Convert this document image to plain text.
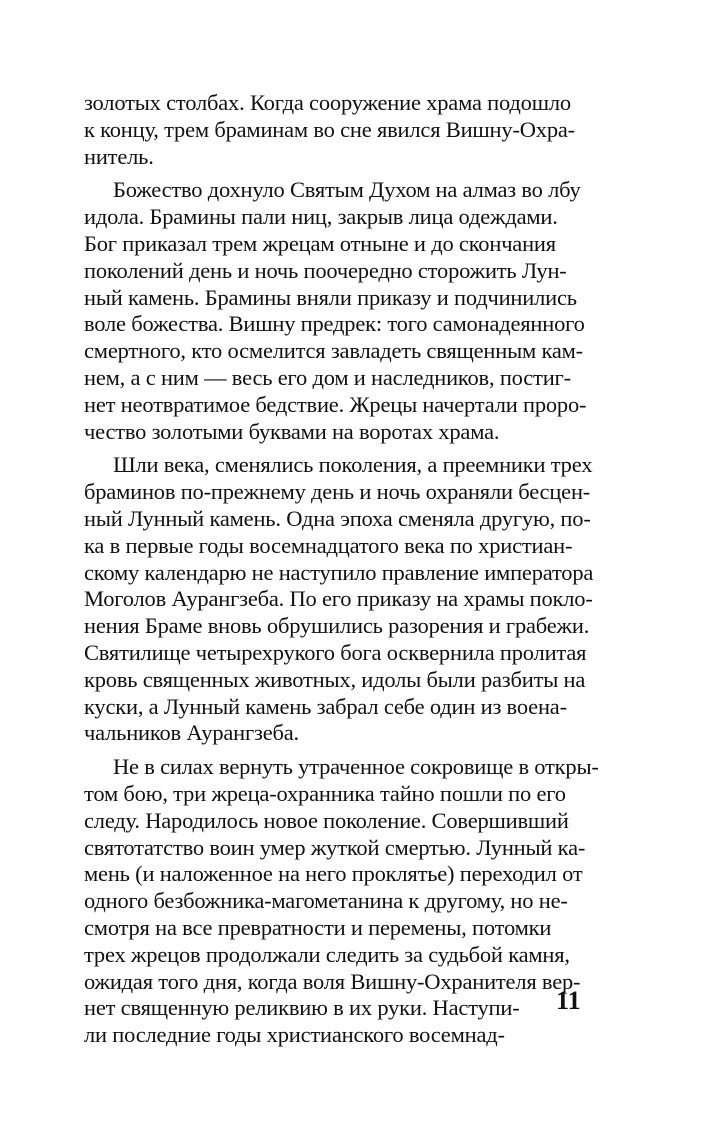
золотых столбах. Когда сооружение храма подошло
к концу, трем браминам во сне явился Вишну-Охра-
нитель.
Божество дохнуло Святым Духом на алмаз во лбу
идола. Брамины пали ниц, закрыв лица одеждами.
Бог приказал трем жрецам отныне и до скончания
поколений день и ночь поочередно сторожить Лун-
ный камень. Брамины вняли приказу и подчинились
воле божества. Вишну предрек: того самонадеянного
смертного, кто осмелится завладеть священным кам-
нем, а с ним — весь его дом и наследников, постиг-
нет неотвратимое бедствие. Жрецы начертали проро-
чество золотыми буквами на воротах храма.
Шли века, сменялись поколения, а преемники трех
браминов по-прежнему день и ночь охраняли бесцен-
ный Лунный камень. Одна эпоха сменяла другую, по-
ка в первые годы восемнадцатого века по христиан-
скому календарю не наступило правление императора
Моголов Аурангзеба. По его приказу на храмы покло-
нения Браме вновь обрушились разорения и грабежи.
Святилище четырехрукого бога осквернила пролитая
кровь священных животных, идолы были разбиты на
куски, а Лунный камень забрал себе один из воена-
чальников Аурангзеба.
Не в силах вернуть утраченное сокровище в откры-
том бою, три жреца-охранника тайно пошли по его
следу. Народилось новое поколение. Совершивший
святотатство воин умер жуткой смертью. Лунный ка-
мень (и наложенное на него проклятье) переходил от
одного безбожника-магометанина к другому, но не-
смотря на все превратности и перемены, потомки
трех жрецов продолжали следить за судьбой камня,
ожидая того дня, когда воля Вишну-Охранителя вер-
нет священную реликвию в их руки. Наступи-
ли последние годы христианского восемнад-
11
